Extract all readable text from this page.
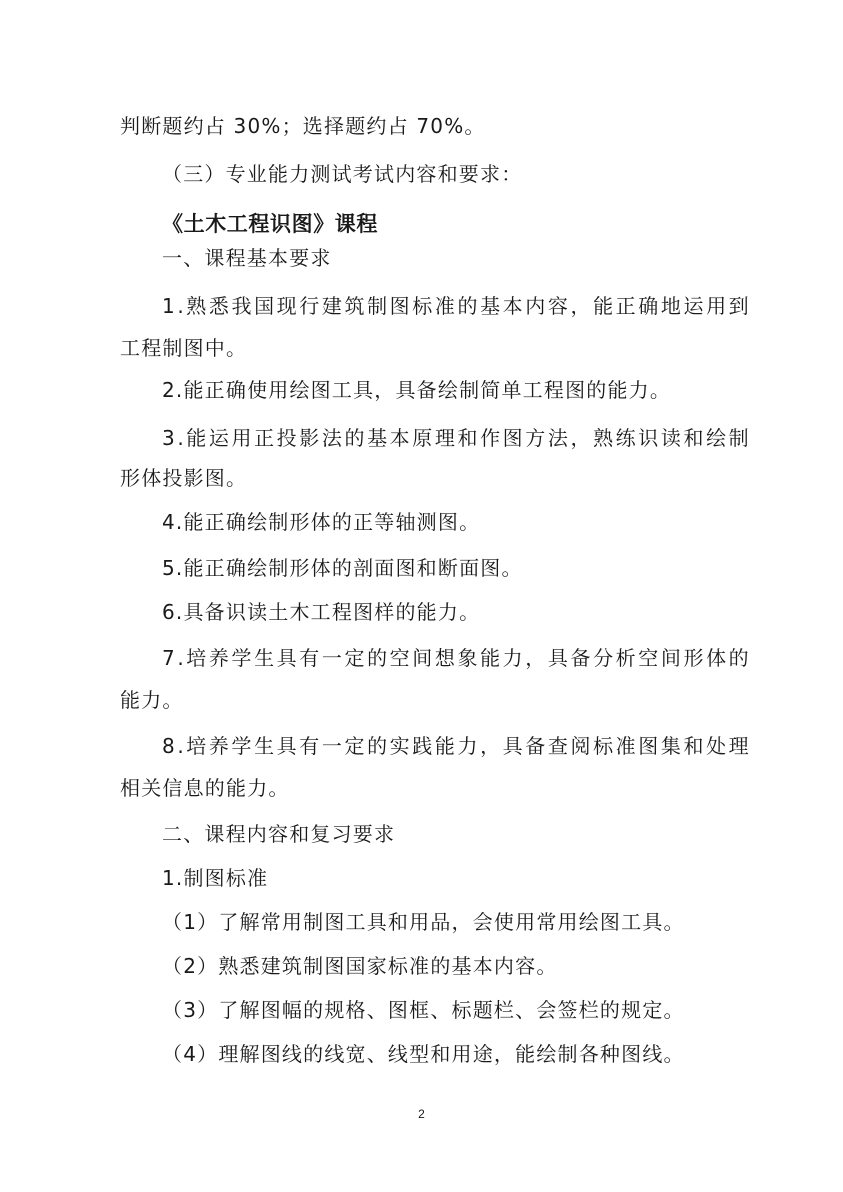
判断题约占 30%；选择题约占 70%。
（三）专业能力测试考试内容和要求：
《土木工程识图》课程
一、课程基本要求
1.熟悉我国现行建筑制图标准的基本内容，能正确地运用到
工程制图中。
2.能正确使用绘图工具，具备绘制简单工程图的能力。
3.能运用正投影法的基本原理和作图方法，熟练识读和绘制
形体投影图。
4.能正确绘制形体的正等轴测图。
5.能正确绘制形体的剖面图和断面图。
6.具备识读土木工程图样的能力。
7.培养学生具有一定的空间想象能力，具备分析空间形体的
能力。
8.培养学生具有一定的实践能力，具备查阅标准图集和处理
相关信息的能力。
二、课程内容和复习要求
1.制图标准
（1）了解常用制图工具和用品，会使用常用绘图工具。
（2）熟悉建筑制图国家标准的基本内容。
（3）了解图幅的规格、图框、标题栏、会签栏的规定。
（4）理解图线的线宽、线型和用途，能绘制各种图线。
2
